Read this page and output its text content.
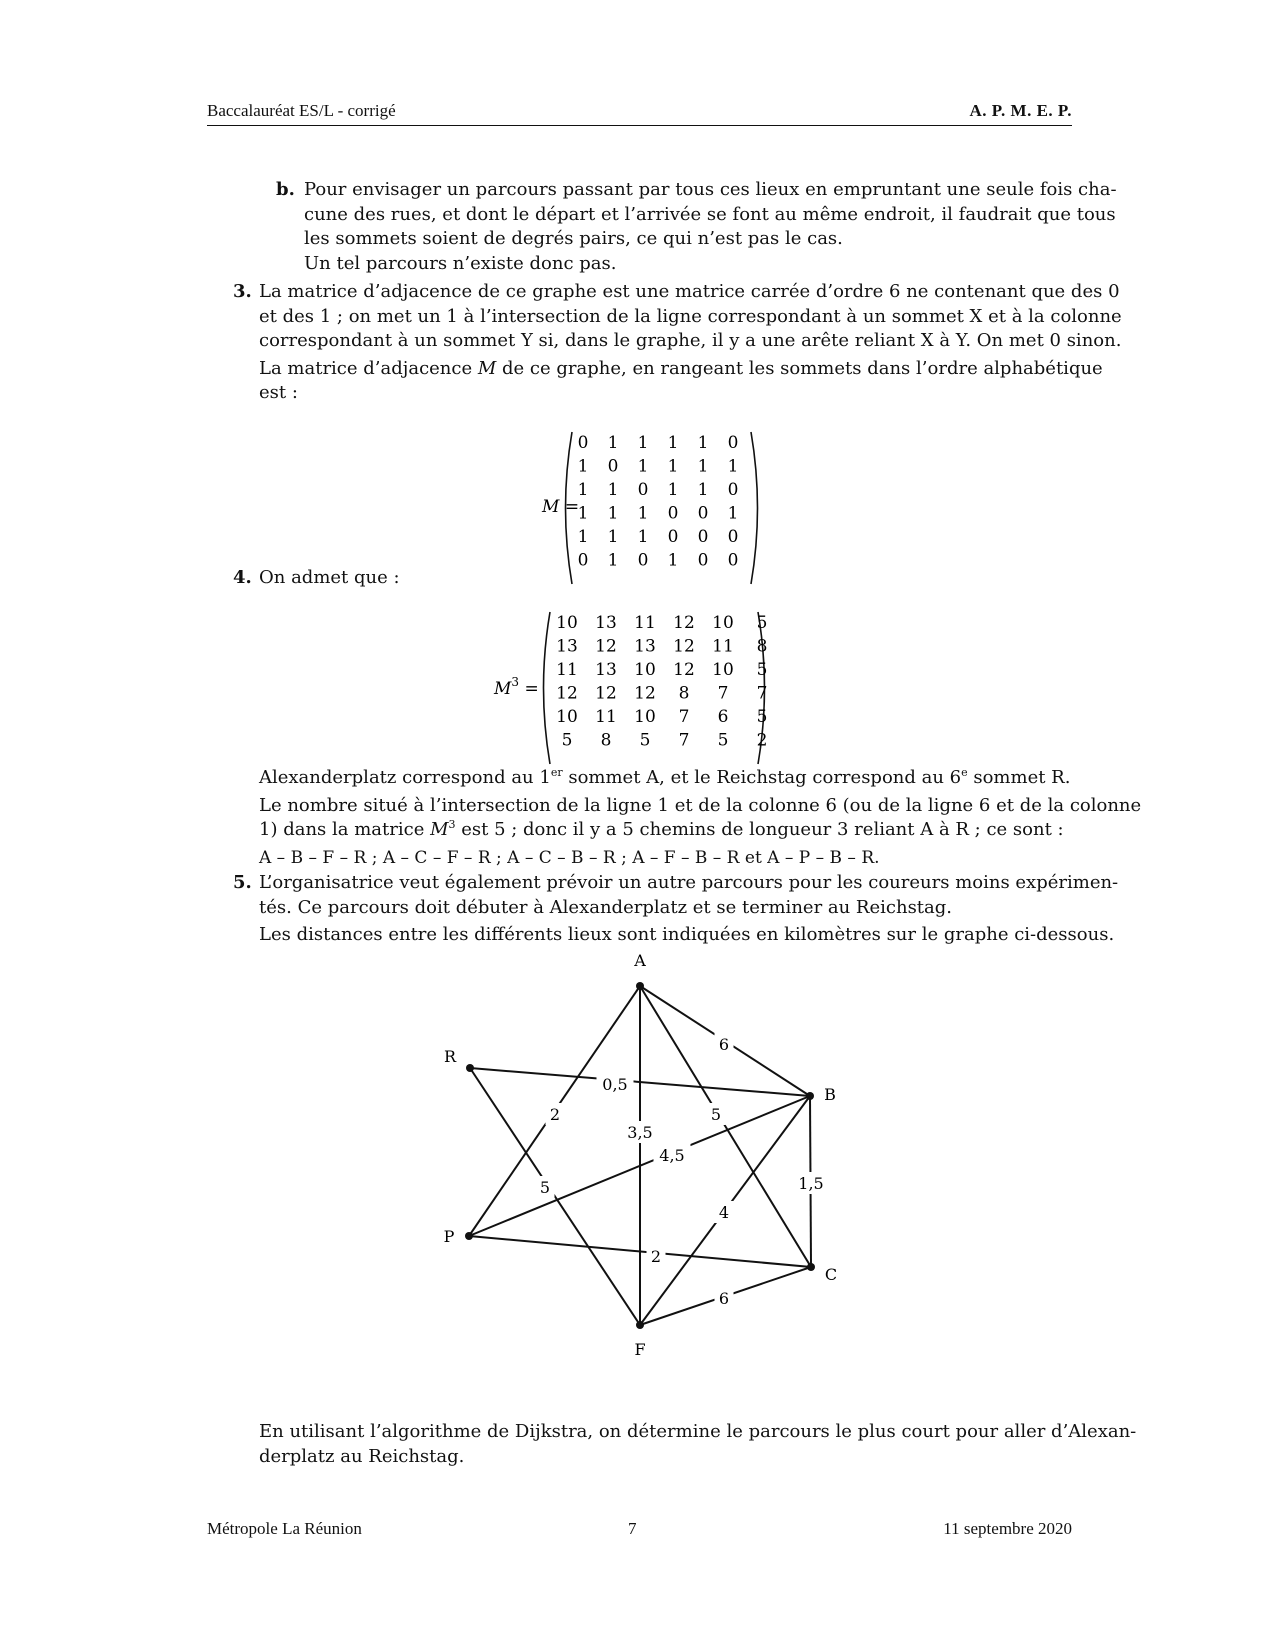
Baccalauréat ES/L - corrigé	A. P. M. E. P.
b. Pour envisager un parcours passant par tous ces lieux en empruntant une seule fois cha-
cune des rues, et dont le départ et l’arrivée se font au même endroit, il faudrait que tous
les sommets soient de degrés pairs, ce qui n’est pas le cas.
Un tel parcours n’existe donc pas.
3. La matrice d’adjacence de ce graphe est une matrice carrée d’ordre 6 ne contenant que des 0
et des 1 ; on met un 1 à l’intersection de la ligne correspondant à un sommet X et à la colonne
correspondant à un sommet Y si, dans le graphe, il y a une arête reliant X à Y. On met 0 sinon.
La matrice d’adjacence M de ce graphe, en rangeant les sommets dans l’ordre alphabétique
est :
M =
0 1 1 1 1 0
1 0 1 1 1 1
1 1 0 1 1 0
1 1 1 0 0 1
1 1 1 0 0 0
0 1 0 1 0 0
4. On admet que :
$M^3$ =
10 13 11 12 10 5
13 12 13 12 11 8
11 13 10 12 10 5
12 12 12 8 7 7
10 11 10 7 6 5
5 8 5 7 5 2
Alexanderplatz correspond au 1er sommet A, et le Reichstag correspond au 6e sommet R.
Le nombre situé à l’intersection de la ligne 1 et de la colonne 6 (ou de la ligne 6 et de la colonne
1) dans la matrice $M^3$ est 5 ; donc il y a 5 chemins de longueur 3 reliant A à R ; ce sont :
A – B – F – R ; A – C – F – R ; A – C – B – R ; A – F – B – R et A – P – B – R.
5. L’organisatrice veut également prévoir un autre parcours pour les coureurs moins expérimen-
tés. Ce parcours doit débuter à Alexanderplatz et se terminer au Reichstag.
Les distances entre les différents lieux sont indiquées en kilomètres sur le graphe ci-dessous.
6
3,5
5
2
0,5
5
4,5
4
1,5
2
6
A
B
C
F
P
R
En utilisant l’algorithme de Dijkstra, on détermine le parcours le plus court pour aller d’Alexan-
derplatz au Reichstag.
Métropole La Réunion	7	11 septembre 2020
